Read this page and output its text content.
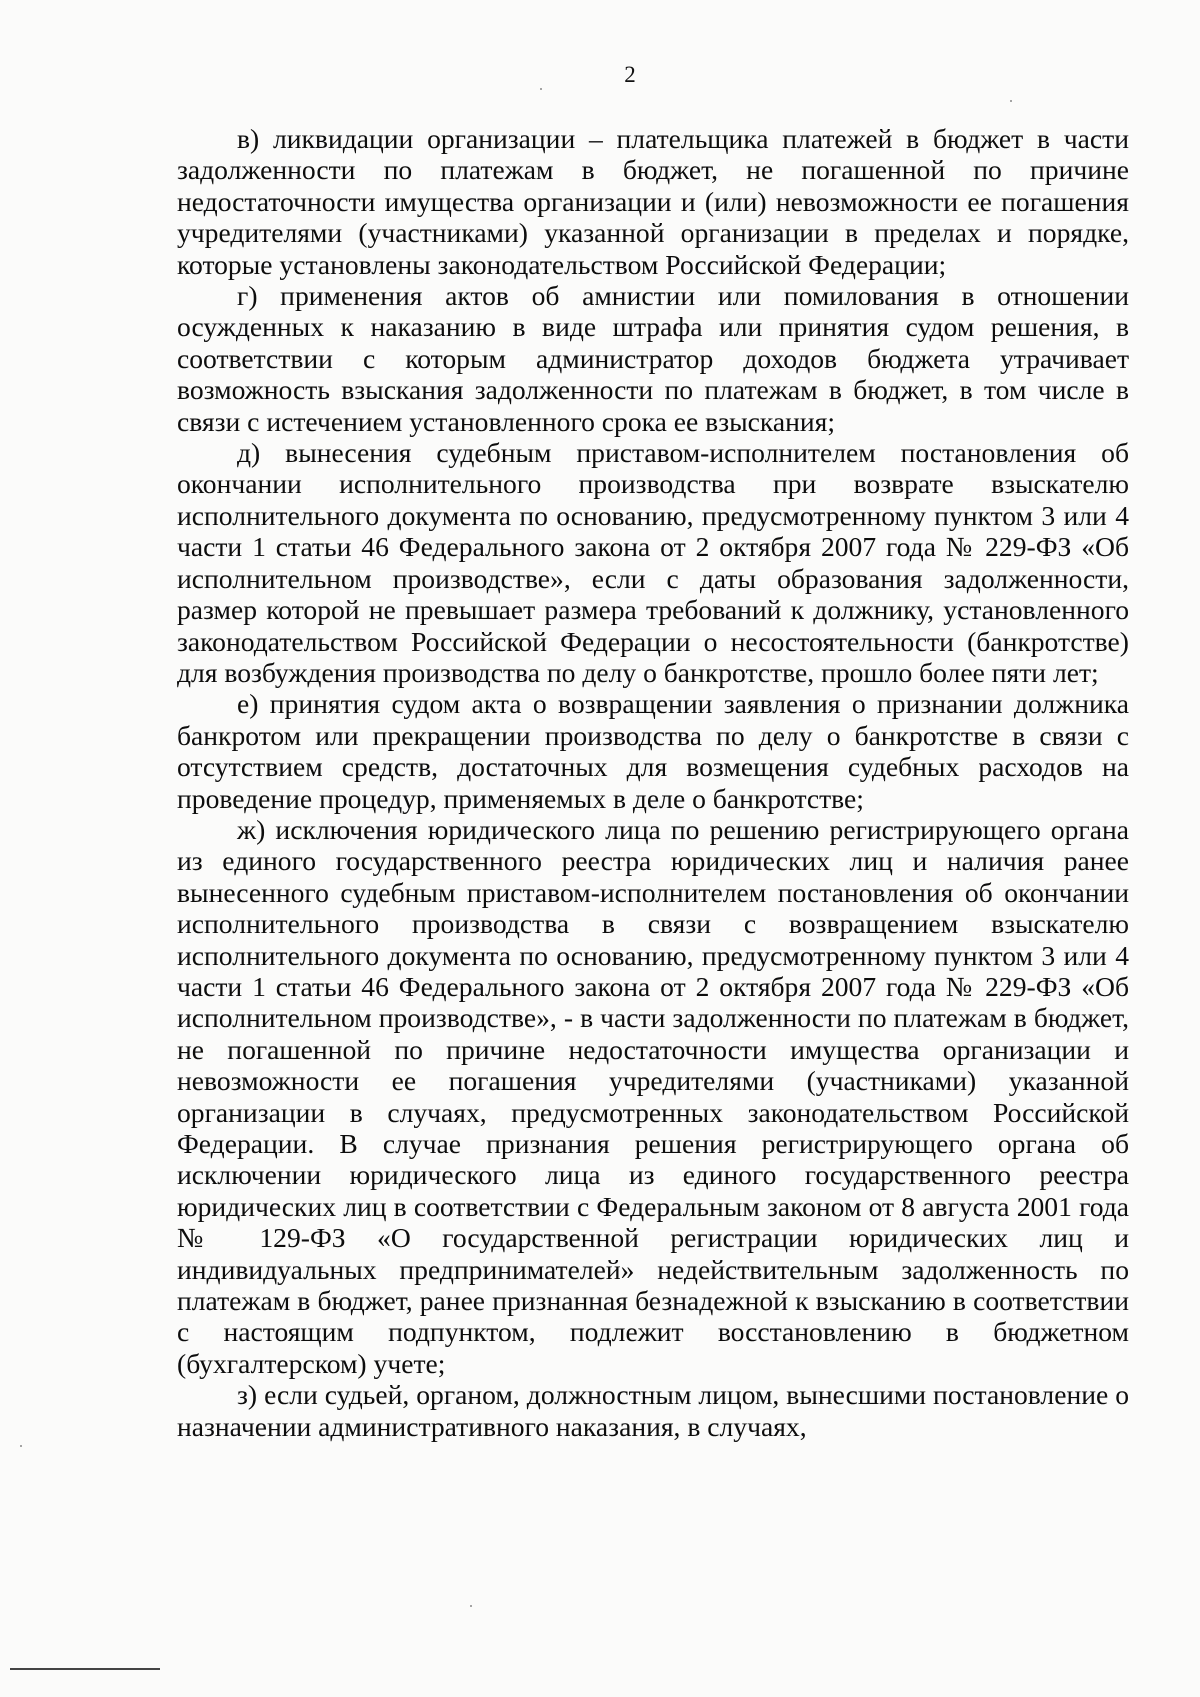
2

в) ликвидации организации – плательщика платежей в бюджет в части задолженности по платежам в бюджет, не погашенной по причине недостаточности имущества организации и (или) невозможности ее погашения учредителями (участниками) указанной организации в пределах и порядке, которые установлены законодательством Российской Федерации;

г) применения актов об амнистии или помилования в отношении осужденных к наказанию в виде штрафа или принятия судом решения, в соответствии с которым администратор доходов бюджета утрачивает возможность взыскания задолженности по платежам в бюджет, в том числе в связи с истечением установленного срока ее взыскания;

д) вынесения судебным приставом-исполнителем постановления об окончании исполнительного производства при возврате взыскателю исполнительного документа по основанию, предусмотренному пунктом 3 или 4 части 1 статьи 46 Федерального закона от 2 октября 2007 года № 229-ФЗ «Об исполнительном производстве», если с даты образования задолженности, размер которой не превышает размера требований к должнику, установленного законодательством Российской Федерации о несостоятельности (банкротстве) для возбуждения производства по делу о банкротстве, прошло более пяти лет;

е) принятия судом акта о возвращении заявления о признании должника банкротом или прекращении производства по делу о банкротстве в связи с отсутствием средств, достаточных для возмещения судебных расходов на проведение процедур, применяемых в деле о банкротстве;

ж) исключения юридического лица по решению регистрирующего органа из единого государственного реестра юридических лиц и наличия ранее вынесенного судебным приставом-исполнителем постановления об окончании исполнительного производства в связи с возвращением взыскателю исполнительного документа по основанию, предусмотренному пунктом 3 или 4 части 1 статьи 46 Федерального закона от 2 октября 2007 года № 229-ФЗ «Об исполнительном производстве», - в части задолженности по платежам в бюджет, не погашенной по причине недостаточности имущества организации и невозможности ее погашения учредителями (участниками) указанной организации в случаях, предусмотренных законодательством Российской Федерации. В случае признания решения регистрирующего органа об исключении юридического лица из единого государственного реестра юридических лиц в соответствии с Федеральным законом от 8 августа 2001 года № 129-ФЗ «О государственной регистрации юридических лиц и индивидуальных предпринимателей» недействительным задолженность по платежам в бюджет, ранее признанная безнадежной к взысканию в соответствии с настоящим подпунктом, подлежит восстановлению в бюджетном (бухгалтерском) учете;

з) если судьей, органом, должностным лицом, вынесшими постановление о назначении административного наказания, в случаях,
